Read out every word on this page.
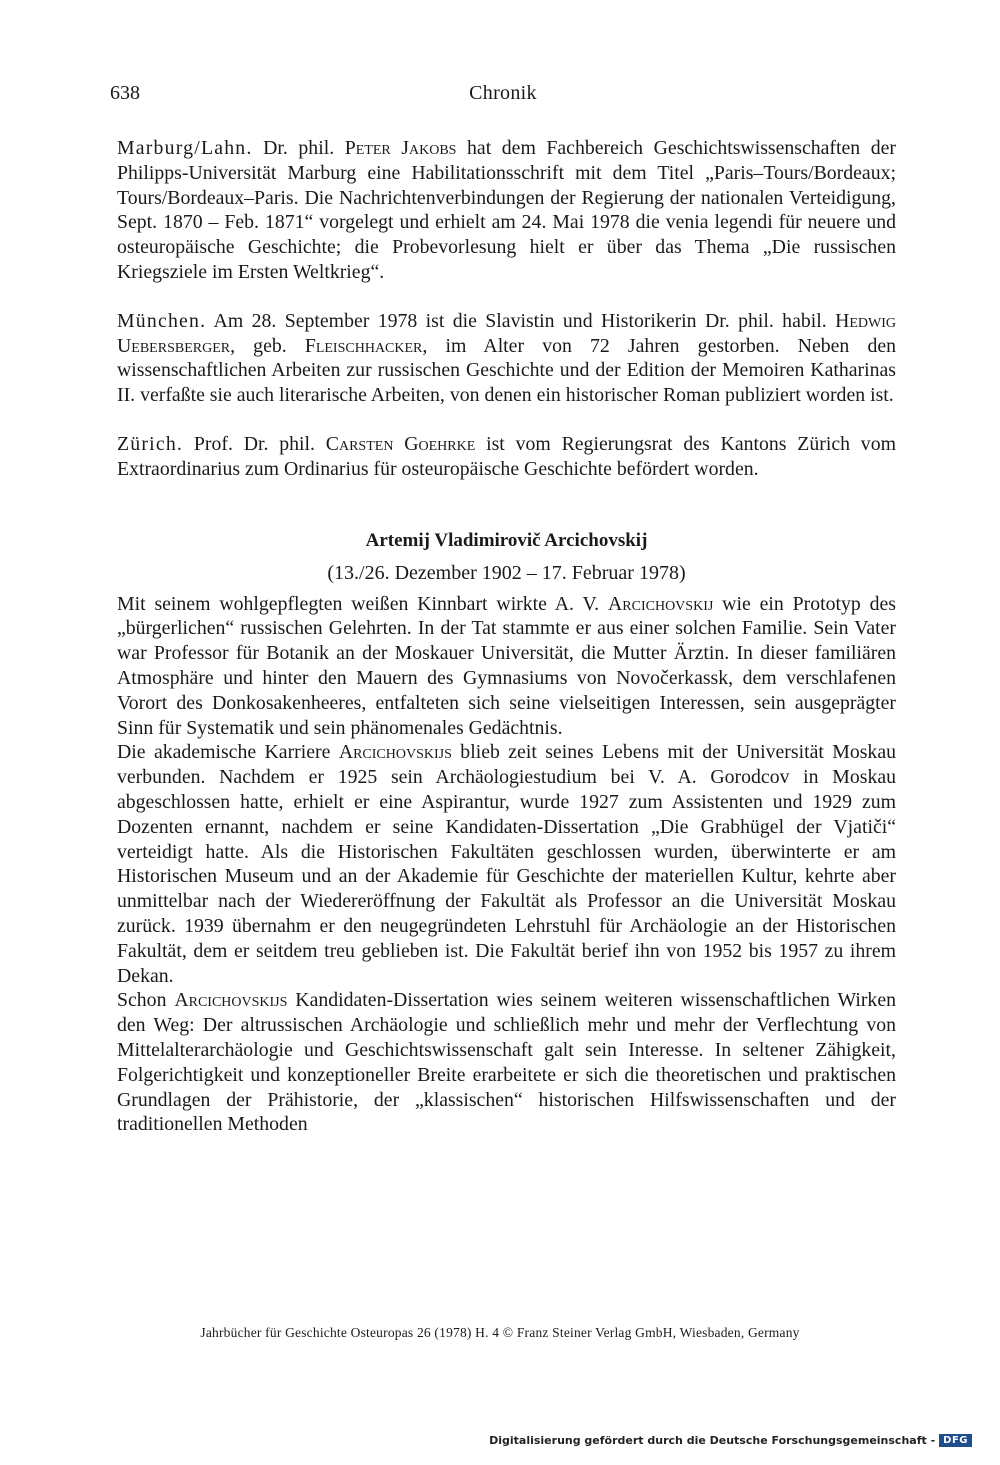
638	Chronik

Marburg/Lahn. Dr. phil. Peter Jakobs hat dem Fachbereich Geschichtswissenschaften der Philipps-Universität Marburg eine Habilitationsschrift mit dem Titel „Paris–Tours/Bordeaux; Tours/Bordeaux–Paris. Die Nachrichtenverbindungen der Regierung der nationalen Verteidigung, Sept. 1870 – Feb. 1871“ vorgelegt und erhielt am 24. Mai 1978 die venia legendi für neuere und osteuropäische Geschichte; die Probevorlesung hielt er über das Thema „Die russischen Kriegsziele im Ersten Weltkrieg“.

München. Am 28. September 1978 ist die Slavistin und Historikerin Dr. phil. habil. Hedwig Uebersberger, geb. Fleischhacker, im Alter von 72 Jahren gestorben. Neben den wissenschaftlichen Arbeiten zur russischen Geschichte und der Edition der Memoiren Katharinas II. verfaßte sie auch literarische Arbeiten, von denen ein historischer Roman publiziert worden ist.

Zürich. Prof. Dr. phil. Carsten Goehrke ist vom Regierungsrat des Kantons Zürich vom Extraordinarius zum Ordinarius für osteuropäische Geschichte befördert worden.

Artemij Vladimirovič Arcichovskij
(13./26. Dezember 1902 – 17. Februar 1978)

Mit seinem wohlgepflegten weißen Kinnbart wirkte A. V. Arcichovskij wie ein Prototyp des „bürgerlichen“ russischen Gelehrten. In der Tat stammte er aus einer solchen Familie. Sein Vater war Professor für Botanik an der Moskauer Universität, die Mutter Ärztin. In dieser familiären Atmosphäre und hinter den Mauern des Gymnasiums von Novočerkassk, dem verschlafenen Vorort des Donkosakenheeres, entfalteten sich seine vielseitigen Interessen, sein ausgeprägter Sinn für Systematik und sein phänomenales Gedächtnis.

Die akademische Karriere Arcichovskijs blieb zeit seines Lebens mit der Universität Moskau verbunden. Nachdem er 1925 sein Archäologiestudium bei V. A. Gorodcov in Moskau abgeschlossen hatte, erhielt er eine Aspirantur, wurde 1927 zum Assistenten und 1929 zum Dozenten ernannt, nachdem er seine Kandidaten-Dissertation „Die Grabhügel der Vjatiči“ verteidigt hatte. Als die Historischen Fakultäten geschlossen wurden, überwinterte er am Historischen Museum und an der Akademie für Geschichte der materiellen Kultur, kehrte aber unmittelbar nach der Wiedereröffnung der Fakultät als Professor an die Universität Moskau zurück. 1939 übernahm er den neugegründeten Lehrstuhl für Archäologie an der Historischen Fakultät, dem er seitdem treu geblieben ist. Die Fakultät berief ihn von 1952 bis 1957 zu ihrem Dekan.

Schon Arcichovskijs Kandidaten-Dissertation wies seinem weiteren wissenschaftlichen Wirken den Weg: Der altrussischen Archäologie und schließlich mehr und mehr der Verflechtung von Mittelalterarchäologie und Geschichtswissenschaft galt sein Interesse. In seltener Zähigkeit, Folgerichtigkeit und konzeptioneller Breite erarbeitete er sich die theoretischen und praktischen Grundlagen der Prähistorie, der „klassischen“ historischen Hilfswissenschaften und der traditionellen Methoden

Jahrbücher für Geschichte Osteuropas 26 (1978) H. 4 © Franz Steiner Verlag GmbH, Wiesbaden, Germany
Digitalisierung gefördert durch die Deutsche Forschungsgemeinschaft - DFG
